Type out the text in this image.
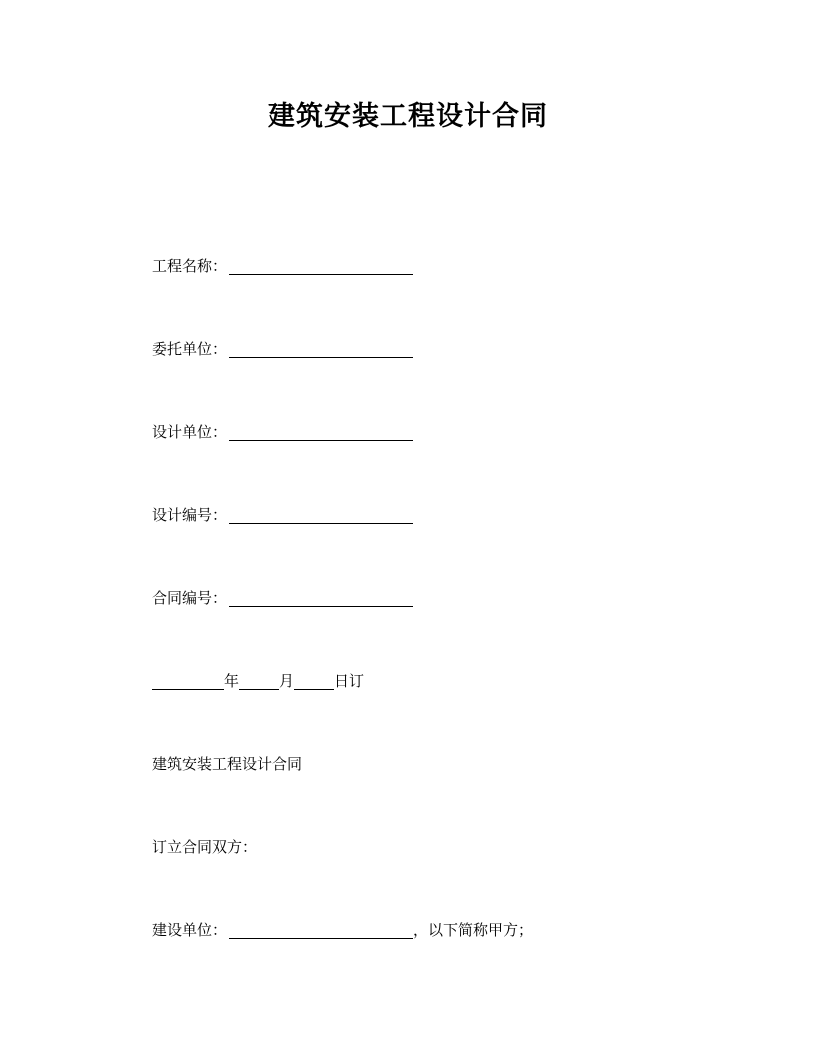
建筑安装工程设计合同
工程名称：
委托单位：
设计单位：
设计编号：
合同编号：
年	月	日订
建筑安装工程设计合同
订立合同双方：
建设单位：	，以下简称甲方；
